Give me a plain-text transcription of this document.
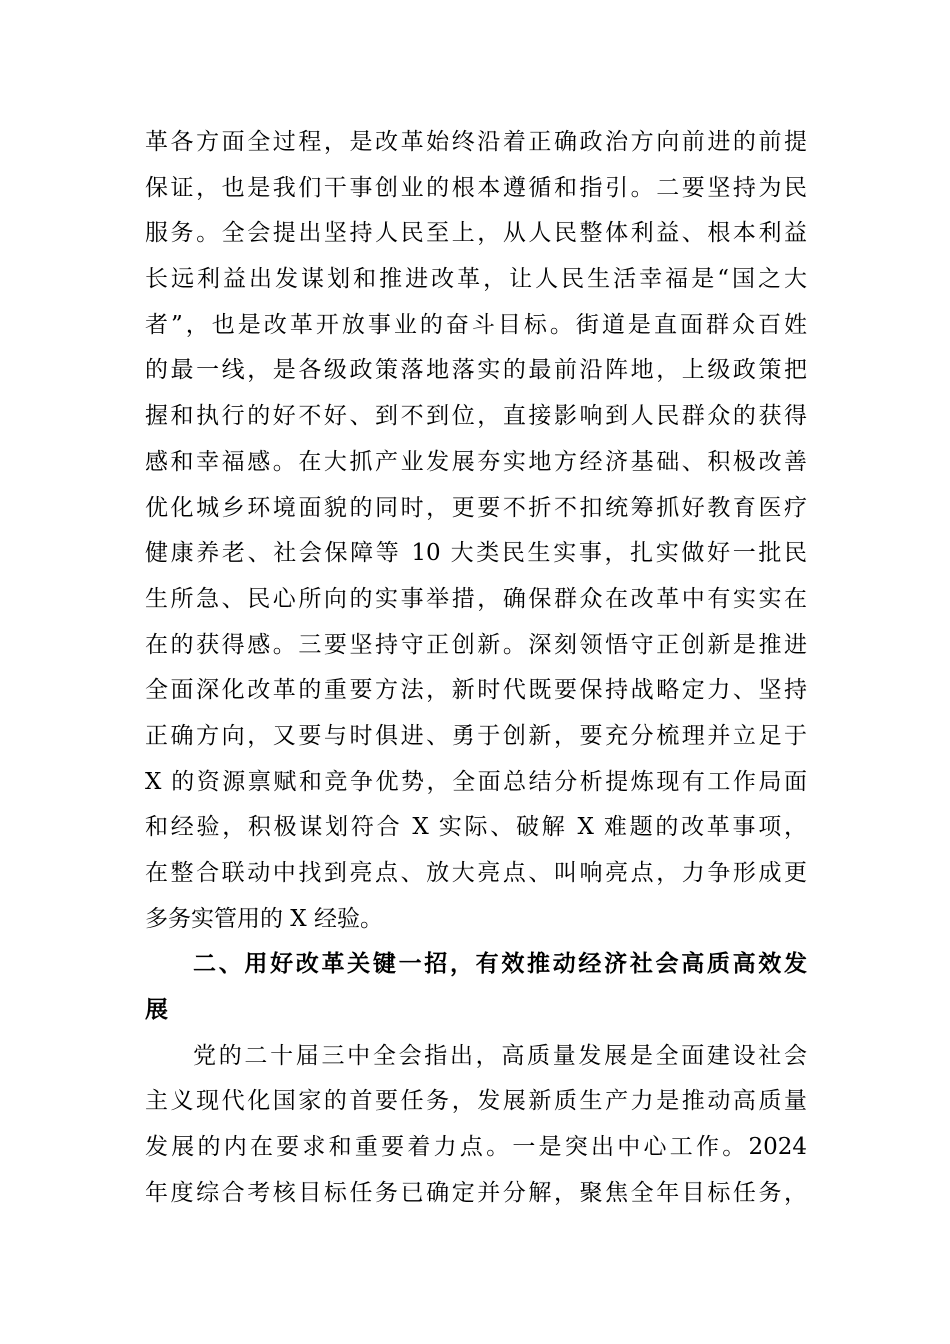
革各方面全过程，是改革始终沿着正确政治方向前进的前提
保证，也是我们干事创业的根本遵循和指引。二要坚持为民
服务。全会提出坚持人民至上，从人民整体利益、根本利益
长远利益出发谋划和推进改革，让人民生活幸福是“国之大
者”，也是改革开放事业的奋斗目标。街道是直面群众百姓
的最一线，是各级政策落地落实的最前沿阵地，上级政策把
握和执行的好不好、到不到位，直接影响到人民群众的获得
感和幸福感。在大抓产业发展夯实地方经济基础、积极改善
优化城乡环境面貌的同时，更要不折不扣统筹抓好教育医疗
健康养老、社会保障等 10 大类民生实事，扎实做好一批民
生所急、民心所向的实事举措，确保群众在改革中有实实在
在的获得感。三要坚持守正创新。深刻领悟守正创新是推进
全面深化改革的重要方法，新时代既要保持战略定力、坚持
正确方向，又要与时俱进、勇于创新，要充分梳理并立足于
X 的资源禀赋和竞争优势，全面总结分析提炼现有工作局面
和经验，积极谋划符合 X 实际、破解 X 难题的改革事项，
在整合联动中找到亮点、放大亮点、叫响亮点，力争形成更
多务实管用的 X 经验。
二、用好改革关键一招，有效推动经济社会高质高效发
展
党的二十届三中全会指出，高质量发展是全面建设社会
主义现代化国家的首要任务，发展新质生产力是推动高质量
发展的内在要求和重要着力点。一是突出中心工作。2024
年度综合考核目标任务已确定并分解，聚焦全年目标任务，
